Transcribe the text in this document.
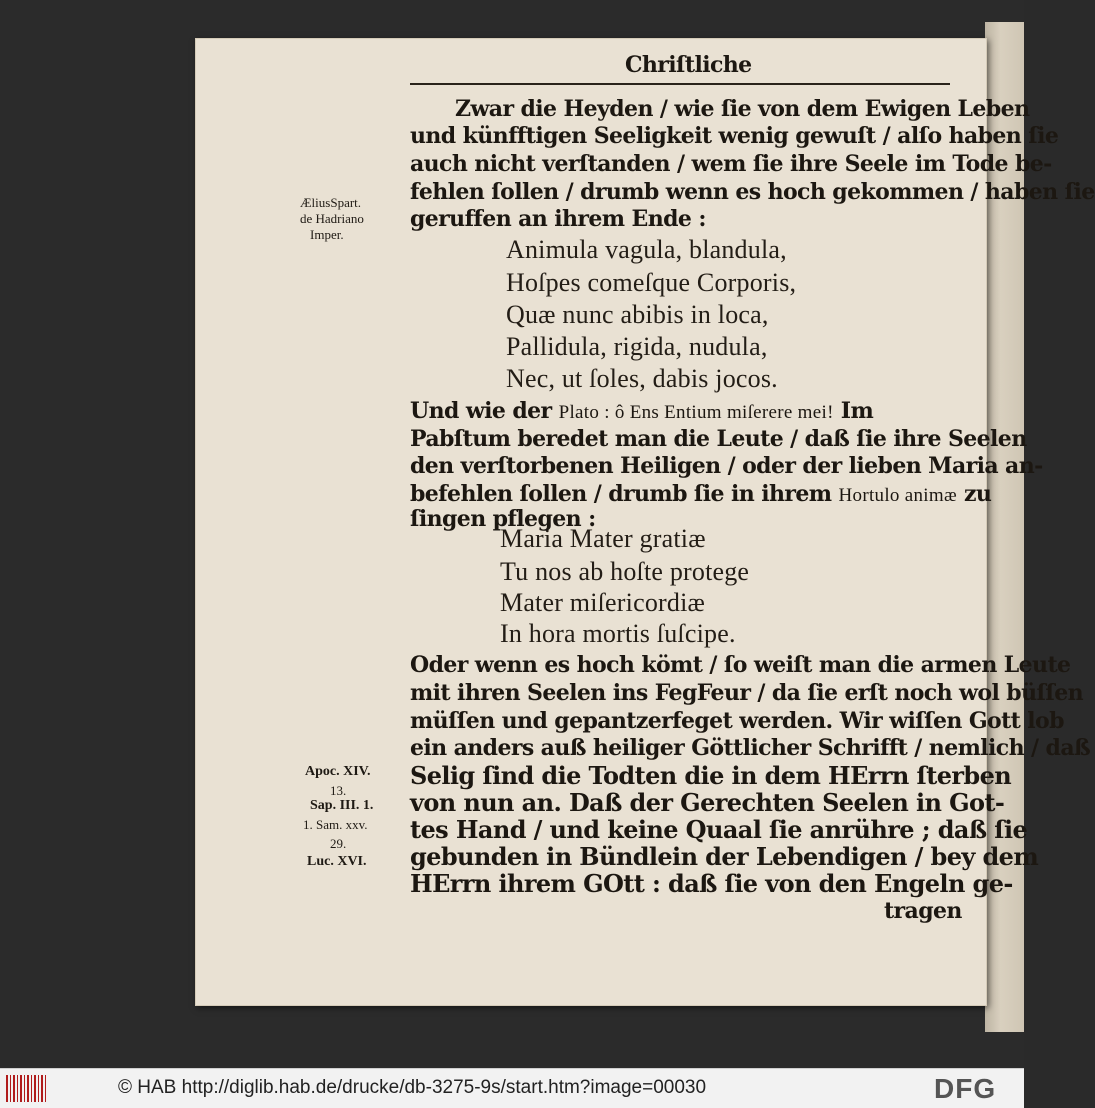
Chriſtliche
Zwar die Heyden / wie ſie von dem Ewigen Leben
und künfftigen Seeligkeit wenig gewuſt / alſo haben ſie
auch nicht verſtanden / wem ſie ihre Seele im Tode be-
fehlen ſollen / drumb wenn es hoch gekommen / haben ſie
geruffen an ihrem Ende :
ÆliusSpart.
de Hadriano
Imper.
Animula vagula, blandula,
Hoſpes comeſque Corporis,
Quæ nunc abibis in loca,
Pallidula, rigida, nudula,
Nec, ut ſoles, dabis jocos.
Und wie der Plato : ô Ens Entium miſerere mei! Im
Pabſtum beredet man die Leute / daß ſie ihre Seelen
den verſtorbenen Heiligen / oder der lieben Maria an-
befehlen ſollen / drumb ſie in ihrem Hortulo animæ zu
ſingen pflegen :
Maria Mater gratiæ
Tu nos ab hoſte protege
Mater miſericordiæ
In hora mortis ſuſcipe.
Oder wenn es hoch kömt / ſo weiſt man die armen Leute
mit ihren Seelen ins FegFeur / da ſie erſt noch wol büſſen
müſſen und gepantzerfeget werden. Wir wiſſen Gott lob
ein anders auß heiliger Göttlicher Schrifft / nemlich / daß
Selig ſind die Todten die in dem HErrn ſterben
von nun an. Daß der Gerechten Seelen in Got-
tes Hand / und keine Quaal ſie anrühre ; daß ſie
gebunden in Bündlein der Lebendigen / bey dem
HErrn ihrem GOtt : daß ſie von den Engeln ge-
tragen
Apoc. XIV.
13.
Sap. III. 1.
1. Sam. xxv.
29.
Luc. XVI.
© HAB http://diglib.hab.de/drucke/db-3275-9s/start.htm?image=00030	DFG
